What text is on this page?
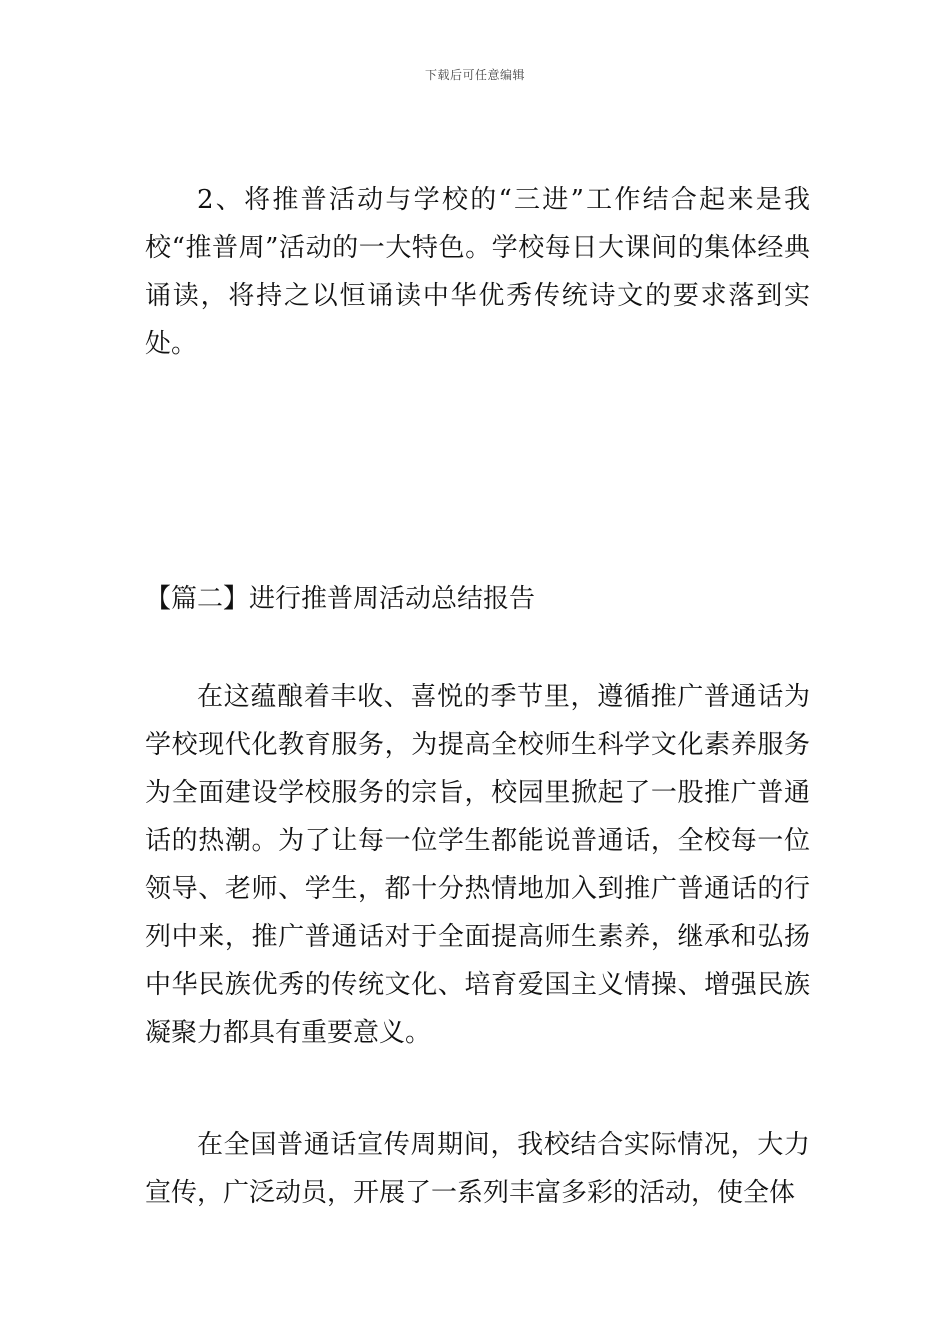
下载后可任意编辑

2、将推普活动与学校的“三进”工作结合起来是我校“推普周”活动的一大特色。学校每日大课间的集体经典诵读，将持之以恒诵读中华优秀传统诗文的要求落到实处。

【篇二】进行推普周活动总结报告

在这蕴酿着丰收、喜悦的季节里，遵循推广普通话为学校现代化教育服务，为提高全校师生科学文化素养服务为全面建设学校服务的宗旨，校园里掀起了一股推广普通话的热潮。为了让每一位学生都能说普通话，全校每一位领导、老师、学生，都十分热情地加入到推广普通话的行列中来，推广普通话对于全面提高师生素养，继承和弘扬中华民族优秀的传统文化、培育爱国主义情操、增强民族凝聚力都具有重要意义。

在全国普通话宣传周期间，我校结合实际情况，大力宣传，广泛动员，开展了一系列丰富多彩的活动，使全体
